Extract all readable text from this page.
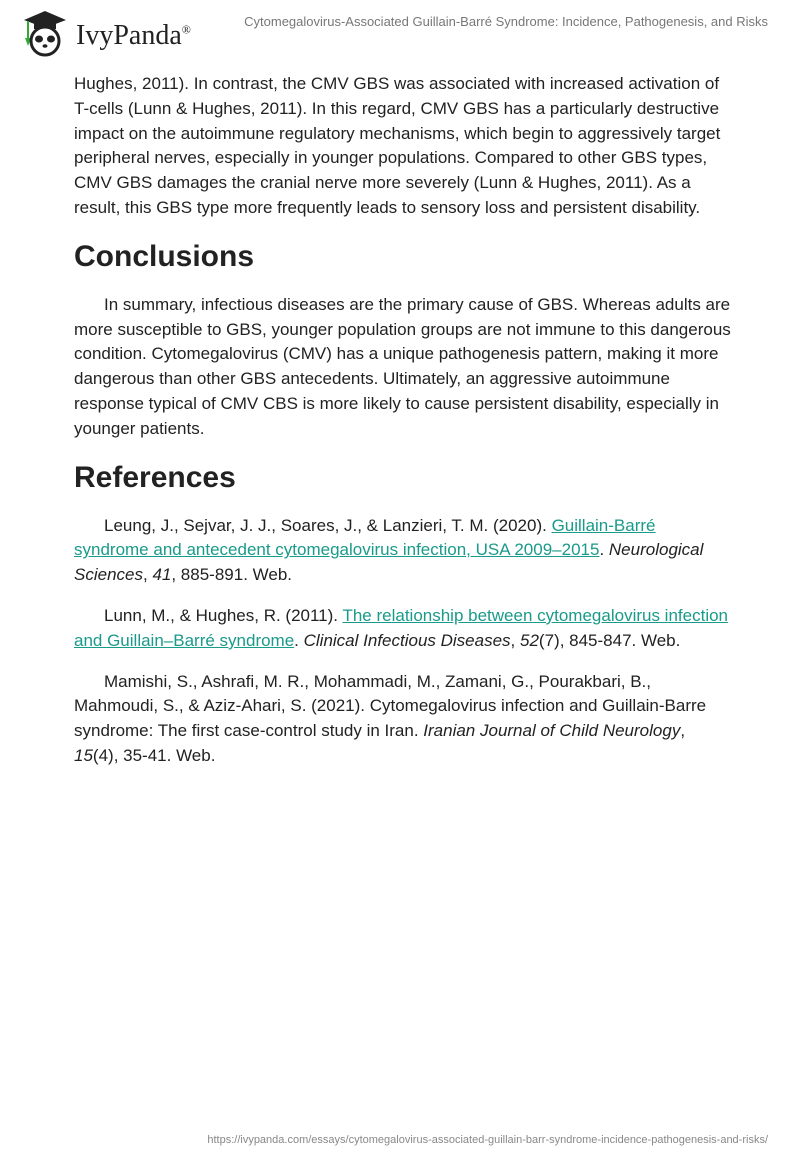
IvyPanda®
Cytomegalovirus-Associated Guillain-Barré Syndrome: Incidence, Pathogenesis, and Risks

Hughes, 2011). In contrast, the CMV GBS was associated with increased activation of T-cells (Lunn & Hughes, 2011). In this regard, CMV GBS has a particularly destructive impact on the autoimmune regulatory mechanisms, which begin to aggressively target peripheral nerves, especially in younger populations. Compared to other GBS types, CMV GBS damages the cranial nerve more severely (Lunn & Hughes, 2011). As a result, this GBS type more frequently leads to sensory loss and persistent disability.

Conclusions

In summary, infectious diseases are the primary cause of GBS. Whereas adults are more susceptible to GBS, younger population groups are not immune to this dangerous condition. Cytomegalovirus (CMV) has a unique pathogenesis pattern, making it more dangerous than other GBS antecedents. Ultimately, an aggressive autoimmune response typical of CMV CBS is more likely to cause persistent disability, especially in younger patients.

References

Leung, J., Sejvar, J. J., Soares, J., & Lanzieri, T. M. (2020). Guillain-Barré syndrome and antecedent cytomegalovirus infection, USA 2009–2015. Neurological Sciences, 41, 885-891. Web.

Lunn, M., & Hughes, R. (2011). The relationship between cytomegalovirus infection and Guillain–Barré syndrome. Clinical Infectious Diseases, 52(7), 845-847. Web.

Mamishi, S., Ashrafi, M. R., Mohammadi, M., Zamani, G., Pourakbari, B., Mahmoudi, S., & Aziz-Ahari, S. (2021). Cytomegalovirus infection and Guillain-Barre syndrome: The first case-control study in Iran. Iranian Journal of Child Neurology, 15(4), 35-41. Web.

https://ivypanda.com/essays/cytomegalovirus-associated-guillain-barr-syndrome-incidence-pathogenesis-and-risks/
